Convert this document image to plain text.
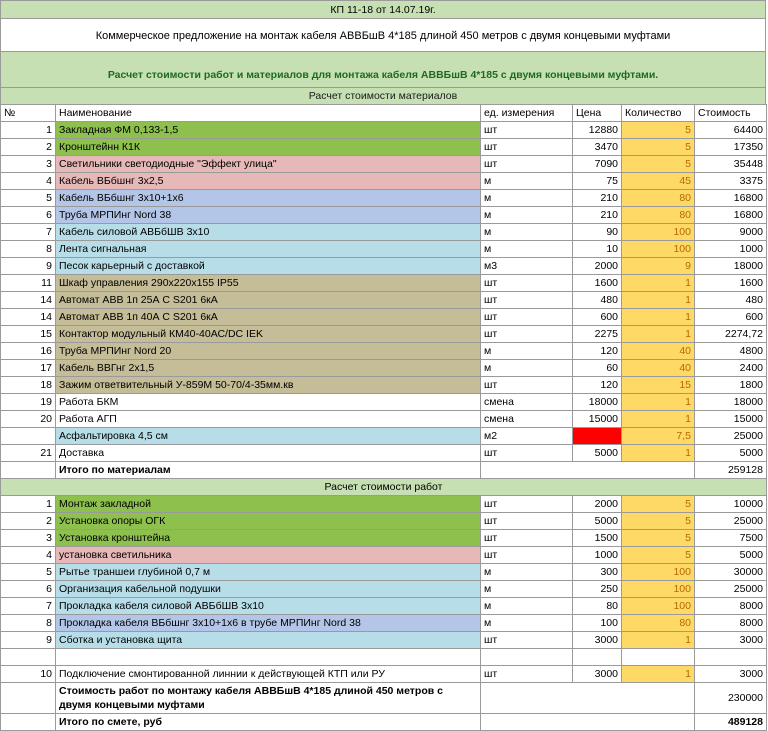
КП 11-18 от 14.07.19г.
Коммерческое предложение на монтаж кабеля АВВБшВ 4*185 длиной 450 метров с двумя концевыми муфтами
Расчет стоимости работ и материалов для монтажа кабеля АВВБшВ 4*185 с двумя концевыми муфтами.
Расчет стоимости материалов
№	Наименование	ед. измерения	Цена	Количество	Стоимость
1	Закладная ФМ 0,133-1,5	шт	12880	5	64400
2	Кронштейнн К1К	шт	3470	5	17350
3	Светильники светодиодные "Эффект улица"	шт	7090	5	35448
4	Кабель ВБбшнг 3х2,5	м	75	45	3375
5	Кабель ВБбшнг 3х10+1х6	м	210	80	16800
6	Труба МРПИнг Nord 38	м	210	80	16800
7	Кабель силовой АВБбШВ 3х10	м	90	100	9000
8	Лента сигнальная	м	10	100	1000
9	Песок карьерный с доставкой	м3	2000	9	18000
11	Шкаф управления 290х220х155 IP55	шт	1600	1	1600
14	Автомат АВВ 1п 25А С S201 6кА	шт	480	1	480
14	Автомат АВВ 1п 40А С S201 6кА	шт	600	1	600
15	Контактор модульный КМ40-40АС/DC IEK	шт	2275	1	2274,72
16	Труба МРПИнг Nord 20	м	120	40	4800
17	Кабель ВВГнг 2х1,5	м	60	40	2400
18	Зажим ответвительный У-859М 50-70/4-35мм.кв	шт	120	15	1800
19	Работа БКМ	смена	18000	1	18000
20	Работа АГП	смена	15000	1	15000
	Асфальтировка 4,5 см	м2		7,5	25000
21	Доставка	шт	5000	1	5000
	Итого по материалам				259128
Расчет стоимости работ					
1	Монтаж закладной	шт	2000	5	10000
2	Установка опоры ОГК	шт	5000	5	25000
3	Установка кронштейна	шт	1500	5	7500
4	установка светильника	шт	1000	5	5000
5	Рытье траншеи глубиной 0,7 м	м	300	100	30000
6	Организация кабельной подушки	м	250	100	25000
7	Прокладка кабеля силовой АВБбШВ 3х10	м	80	100	8000
8	Прокладка кабеля ВБбшнг 3х10+1х6 в трубе МРПИнг Nord 38	м	100	80	8000
9	Сботка и установка щита	шт	3000	1	3000

10	Подключение смонтированной линнии к действующей КТП или РУ	шт	3000	1	3000
	Стоимость работ по монтажу кабеля АВВБшВ 4*185 длиной 450 метров с двумя концевыми муфтами				230000
	Итого по смете, руб				489128
